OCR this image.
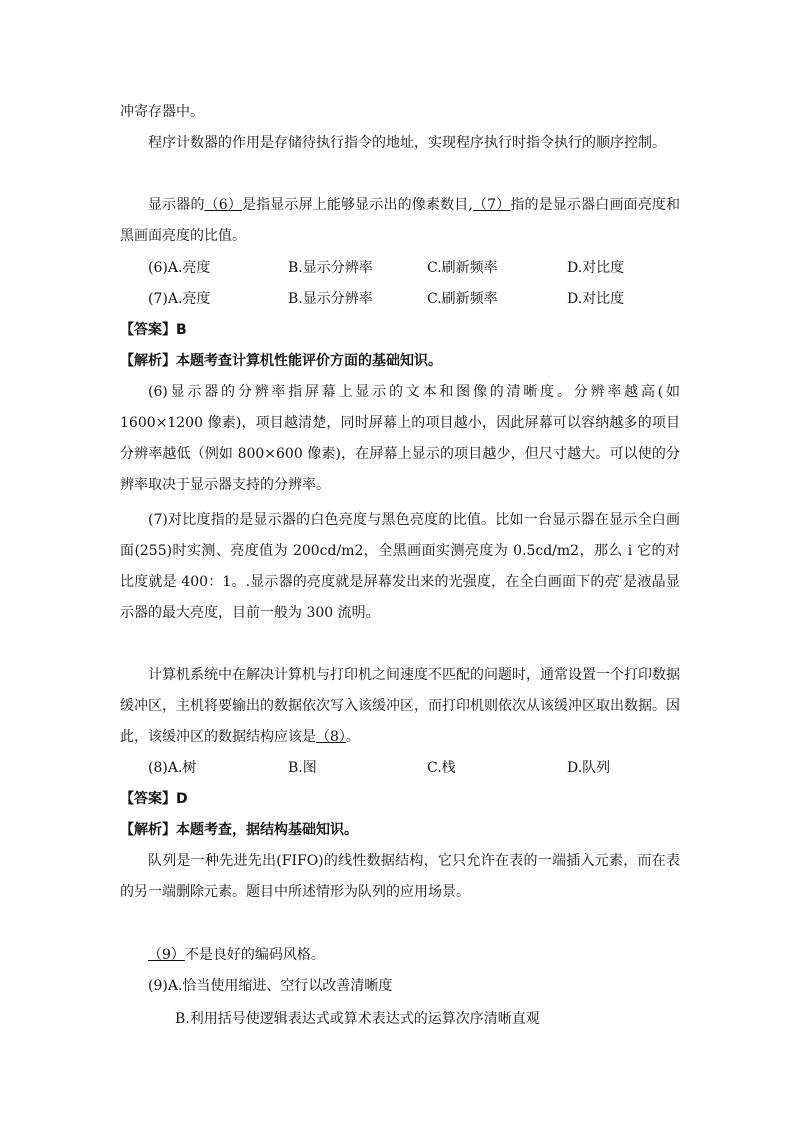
冲寄存器中。
程序计数器的作用是存储待执行指令的地址，实现程序执行时指令执行的顺序控制。

显示器的（6）是指显示屏上能够显示出的像素数目,（7）指的是显示器白画面亮度和黑画面亮度的比值。

(6)A.亮度	B.显示分辨率	C.刷新频率	D.对比度
(7)A.亮度	B.显示分辨率	C.刷新频率	D.对比度
【答案】B
【解析】本题考查计算机性能评价方面的基础知识。

(6)显示器的分辨率指屏幕上显示的文本和图像的清晰度。分辨率越高(如 1600×1200 像素)，项目越清楚，同时屏幕上的项目越小，因此屏幕可以容纳越多的项目分辨率越低（例如 800×600 像素)，在屏幕上显示的项目越少，但尺寸越大。可以使的分辨率取决于显示器支持的分辨率。

(7)对比度指的是显示器的白色亮度与黑色亮度的比值。比如一台显示器在显示全白画面(255)时实测、亮度值为 200cd/m2，全黑画面实测亮度为 0.5cd/m2，那么 i 它的对比度就是 400：1。.显示器的亮度就是屏幕发出来的光强度，在全白画面下的亮 ̈是液晶显示器的最大亮度，目前一般为 300 流明。

计算机系统中在解决计算机与打印机之间速度不匹配的问题时，通常设置一个打印数据缓冲区，主机将要输出的数据依次写入该缓冲区，而打印机则依次从该缓冲区取出数据。因此，该缓冲区的数据结构应该是（8）。

(8)A.树	B.图	C.栈	D.队列
【答案】D
【解析】本题考查，据结构基础知识。

队列是一种先进先出(FIFO)的线性数据结构，它只允许在表的一端插入元素，而在表的另一端删除元素。题目中所述情形为队列的应用场景。

（9）不是良好的编码风格。
(9)A.恰当使用缩进、空行以改善清晰度
B.利用括号使逻辑表达式或算术表达式的运算次序清晰直观
